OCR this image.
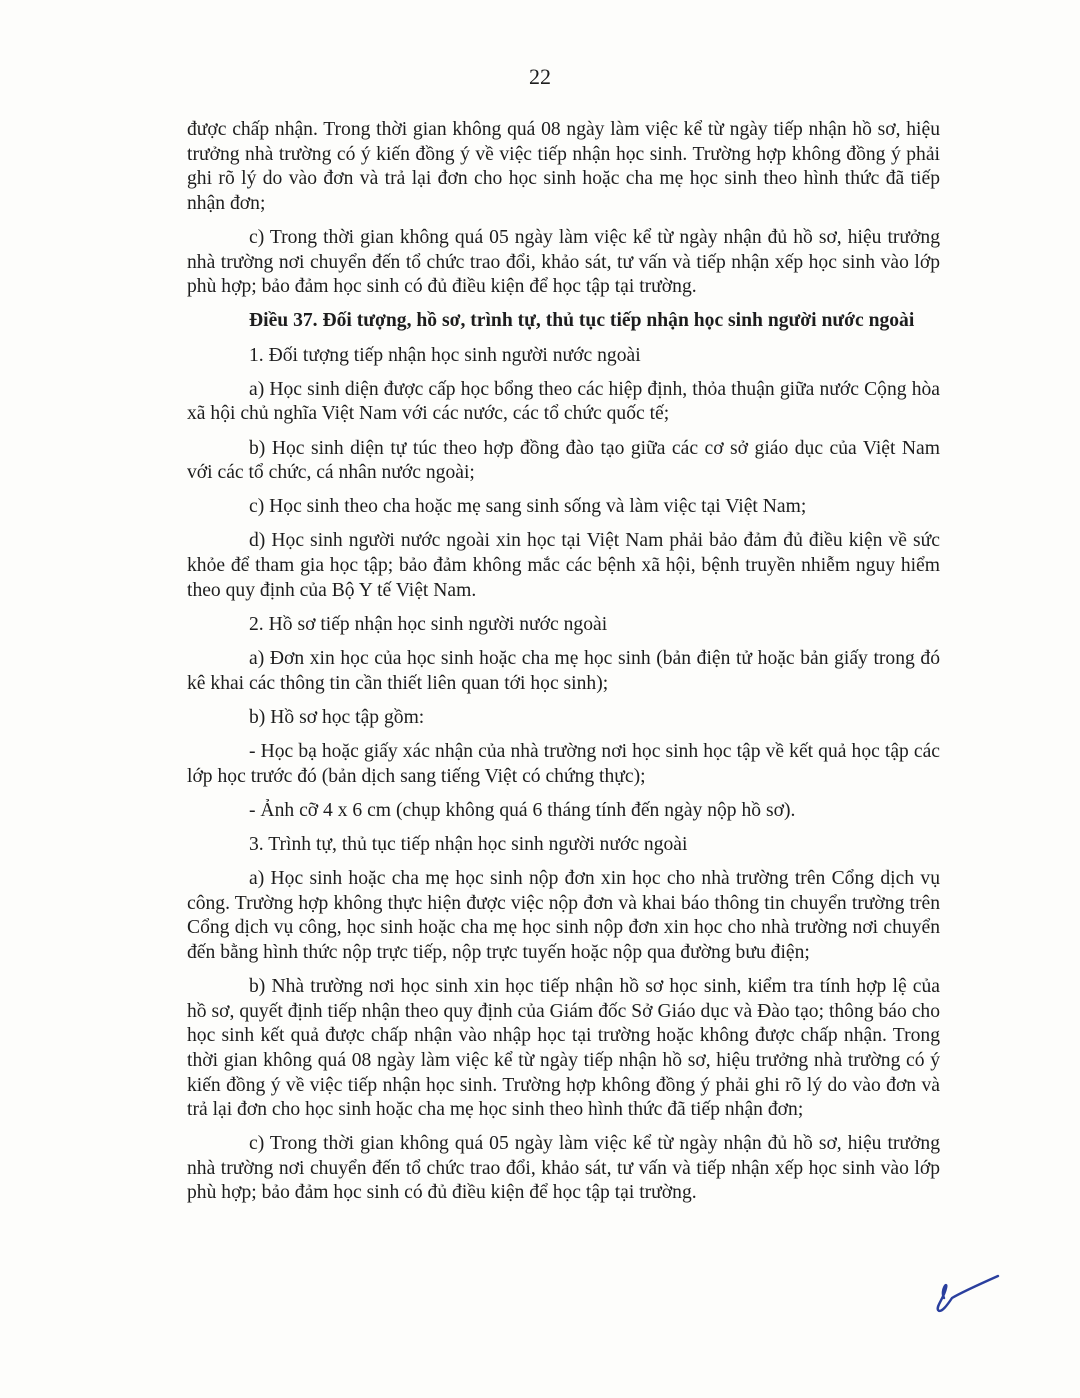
22

được chấp nhận. Trong thời gian không quá 08 ngày làm việc kể từ ngày tiếp nhận hồ sơ, hiệu trưởng nhà trường có ý kiến đồng ý về việc tiếp nhận học sinh. Trường hợp không đồng ý phải ghi rõ lý do vào đơn và trả lại đơn cho học sinh hoặc cha mẹ học sinh theo hình thức đã tiếp nhận đơn;

c) Trong thời gian không quá 05 ngày làm việc kể từ ngày nhận đủ hồ sơ, hiệu trưởng nhà trường nơi chuyển đến tổ chức trao đổi, khảo sát, tư vấn và tiếp nhận xếp học sinh vào lớp phù hợp; bảo đảm học sinh có đủ điều kiện để học tập tại trường.

Điều 37. Đối tượng, hồ sơ, trình tự, thủ tục tiếp nhận học sinh người nước ngoài

1. Đối tượng tiếp nhận học sinh người nước ngoài

a) Học sinh diện được cấp học bổng theo các hiệp định, thỏa thuận giữa nước Cộng hòa xã hội chủ nghĩa Việt Nam với các nước, các tổ chức quốc tế;

b) Học sinh diện tự túc theo hợp đồng đào tạo giữa các cơ sở giáo dục của Việt Nam với các tổ chức, cá nhân nước ngoài;

c) Học sinh theo cha hoặc mẹ sang sinh sống và làm việc tại Việt Nam;

d) Học sinh người nước ngoài xin học tại Việt Nam phải bảo đảm đủ điều kiện về sức khỏe để tham gia học tập; bảo đảm không mắc các bệnh xã hội, bệnh truyền nhiễm nguy hiểm theo quy định của Bộ Y tế Việt Nam.

2. Hồ sơ tiếp nhận học sinh người nước ngoài

a) Đơn xin học của học sinh hoặc cha mẹ học sinh (bản điện tử hoặc bản giấy trong đó kê khai các thông tin cần thiết liên quan tới học sinh);

b) Hồ sơ học tập gồm:

- Học bạ hoặc giấy xác nhận của nhà trường nơi học sinh học tập về kết quả học tập các lớp học trước đó (bản dịch sang tiếng Việt có chứng thực);

- Ảnh cỡ 4 x 6 cm (chụp không quá 6 tháng tính đến ngày nộp hồ sơ).

3. Trình tự, thủ tục tiếp nhận học sinh người nước ngoài

a) Học sinh hoặc cha mẹ học sinh nộp đơn xin học cho nhà trường trên Cổng dịch vụ công. Trường hợp không thực hiện được việc nộp đơn và khai báo thông tin chuyển trường trên Cổng dịch vụ công, học sinh hoặc cha mẹ học sinh nộp đơn xin học cho nhà trường nơi chuyển đến bằng hình thức nộp trực tiếp, nộp trực tuyến hoặc nộp qua đường bưu điện;

b) Nhà trường nơi học sinh xin học tiếp nhận hồ sơ học sinh, kiểm tra tính hợp lệ của hồ sơ, quyết định tiếp nhận theo quy định của Giám đốc Sở Giáo dục và Đào tạo; thông báo cho học sinh kết quả được chấp nhận vào nhập học tại trường hoặc không được chấp nhận. Trong thời gian không quá 08 ngày làm việc kể từ ngày tiếp nhận hồ sơ, hiệu trưởng nhà trường có ý kiến đồng ý về việc tiếp nhận học sinh. Trường hợp không đồng ý phải ghi rõ lý do vào đơn và trả lại đơn cho học sinh hoặc cha mẹ học sinh theo hình thức đã tiếp nhận đơn;

c) Trong thời gian không quá 05 ngày làm việc kể từ ngày nhận đủ hồ sơ, hiệu trưởng nhà trường nơi chuyển đến tổ chức trao đổi, khảo sát, tư vấn và tiếp nhận xếp học sinh vào lớp phù hợp; bảo đảm học sinh có đủ điều kiện để học tập tại trường.
